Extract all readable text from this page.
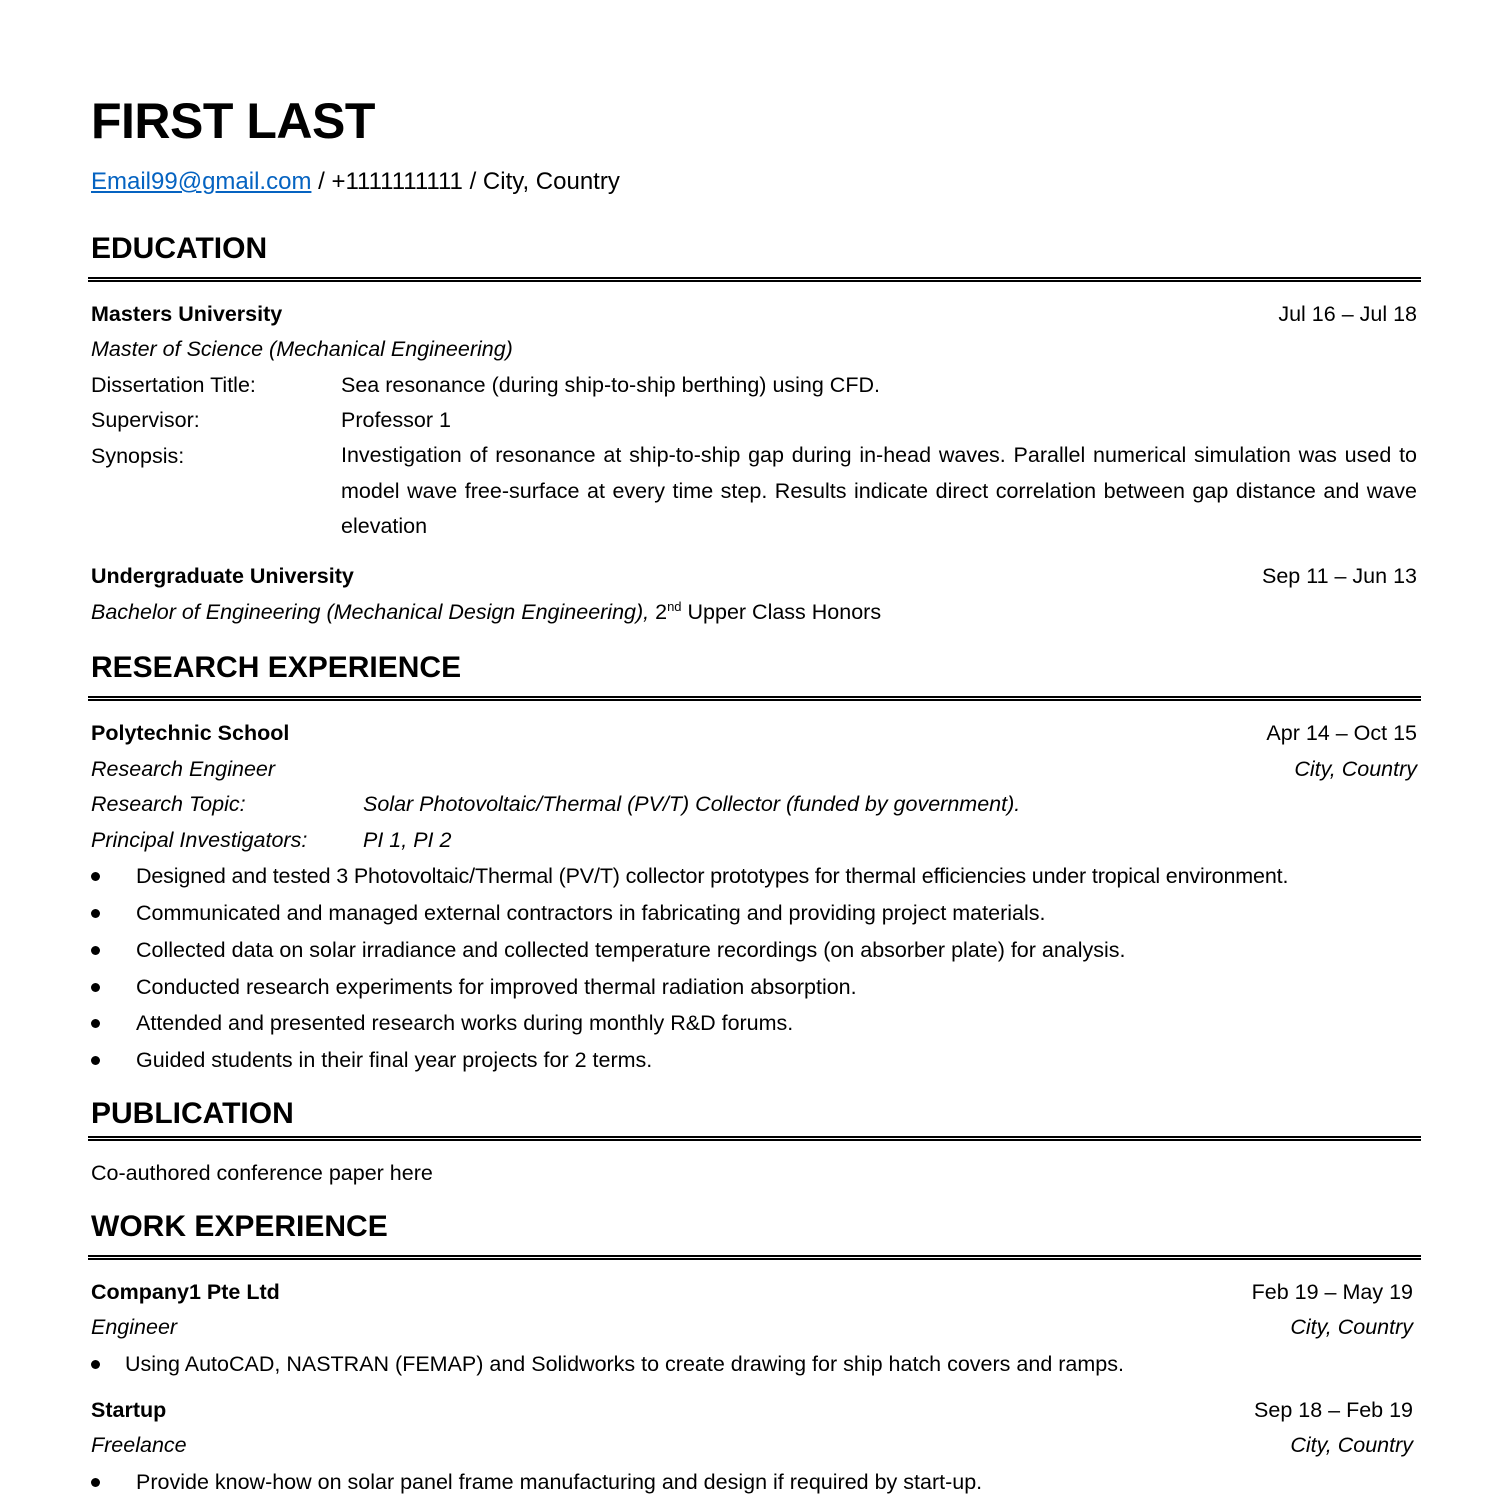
FIRST LAST
Email99@gmail.com / +1111111111 / City, Country
EDUCATION
Masters University	Jul 16 – Jul 18
Master of Science (Mechanical Engineering)
Dissertation Title:	Sea resonance (during ship-to-ship berthing) using CFD.
Supervisor:	Professor 1
Synopsis:	Investigation of resonance at ship-to-ship gap during in-head waves. Parallel numerical simulation was used to model wave free-surface at every time step. Results indicate direct correlation between gap distance and wave elevation
Undergraduate University	Sep 11 – Jun 13
Bachelor of Engineering (Mechanical Design Engineering), 2nd Upper Class Honors
RESEARCH EXPERIENCE
Polytechnic School	Apr 14 – Oct 15
Research Engineer	City, Country
Research Topic:	Solar Photovoltaic/Thermal (PV/T) Collector (funded by government).
Principal Investigators:	PI 1, PI 2
Designed and tested 3 Photovoltaic/Thermal (PV/T) collector prototypes for thermal efficiencies under tropical environment.
Communicated and managed external contractors in fabricating and providing project materials.
Collected data on solar irradiance and collected temperature recordings (on absorber plate) for analysis.
Conducted research experiments for improved thermal radiation absorption.
Attended and presented research works during monthly R&D forums.
Guided students in their final year projects for 2 terms.
PUBLICATION
Co-authored conference paper here
WORK EXPERIENCE
Company1 Pte Ltd	Feb 19 – May 19
Engineer	City, Country
Using AutoCAD, NASTRAN (FEMAP) and Solidworks to create drawing for ship hatch covers and ramps.
Startup	Sep 18 – Feb 19
Freelance	City, Country
Provide know-how on solar panel frame manufacturing and design if required by start-up.
